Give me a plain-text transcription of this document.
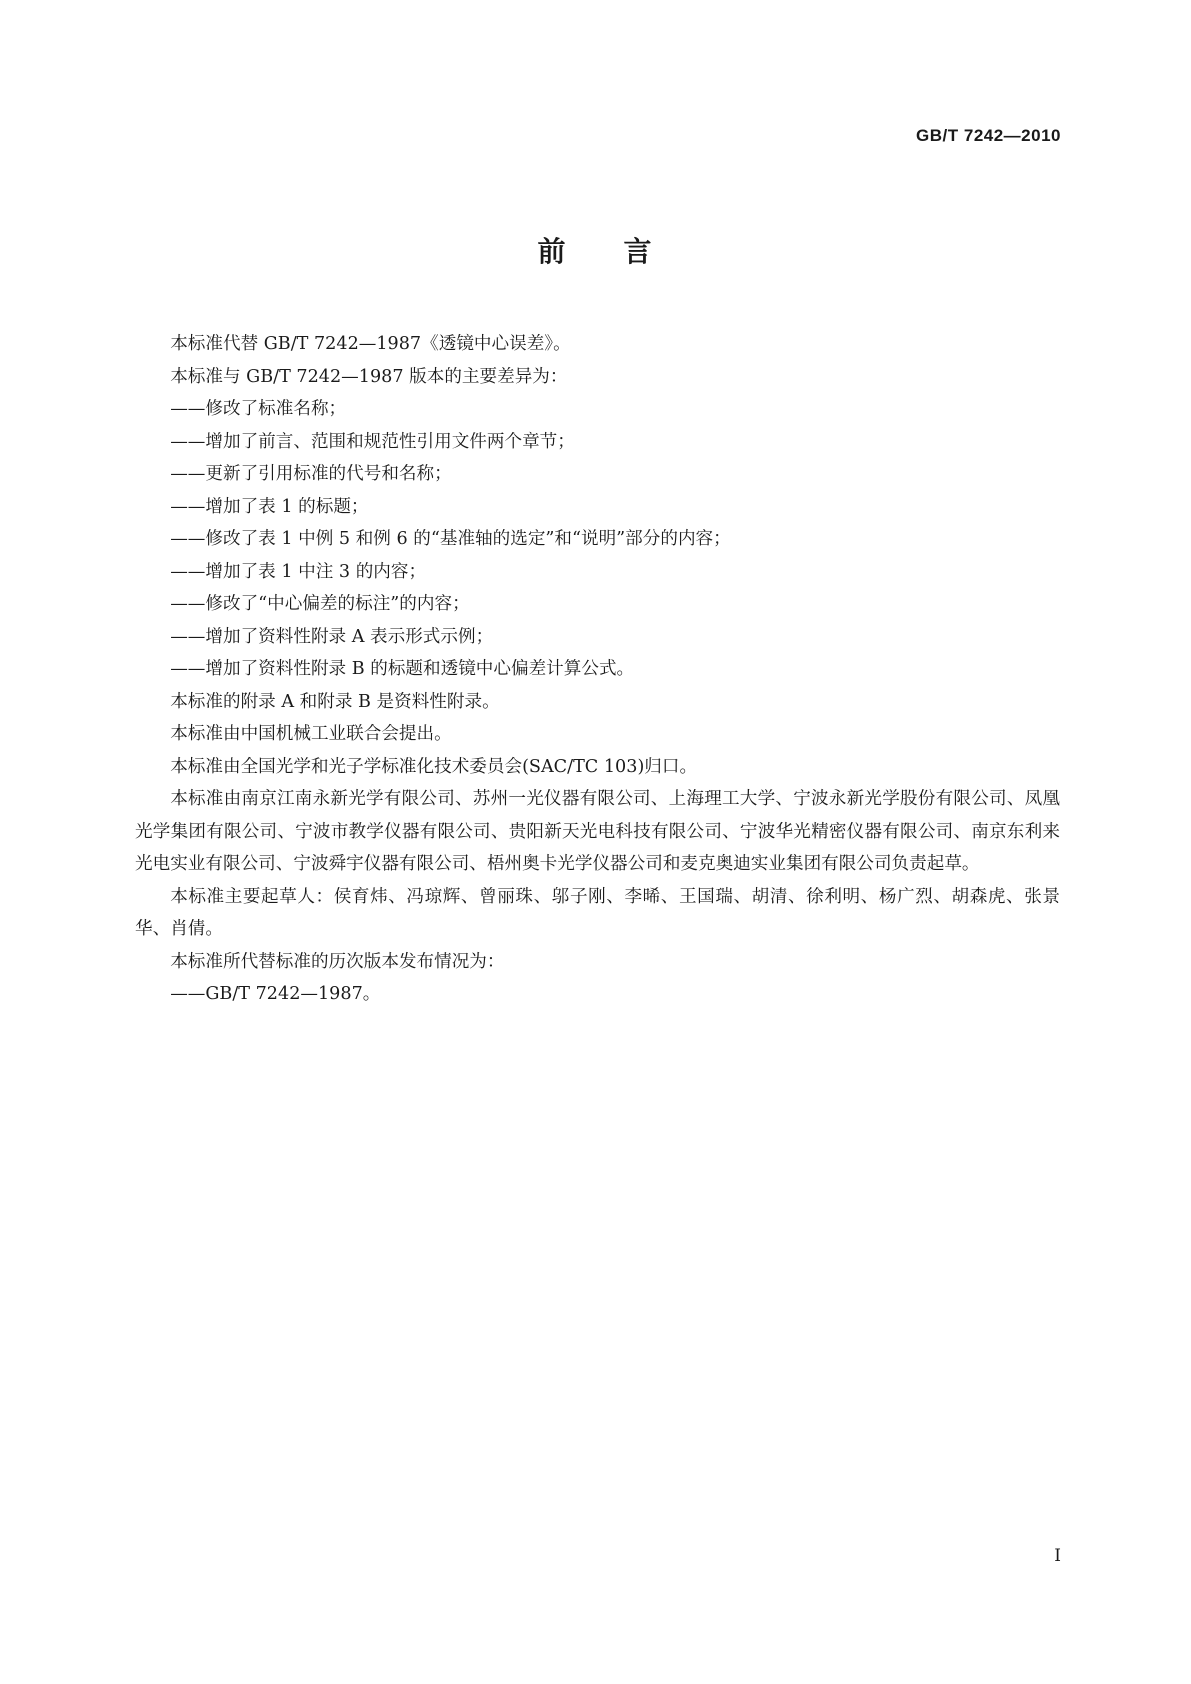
GB/T 7242—2010
前 言

本标准代替 GB/T 7242—1987《透镜中心误差》。

本标准与 GB/T 7242—1987 版本的主要差异为：

——修改了标准名称；

——增加了前言、范围和规范性引用文件两个章节；

——更新了引用标准的代号和名称；

——增加了表 1 的标题；

——修改了表 1 中例 5 和例 6 的“基准轴的选定”和“说明”部分的内容；

——增加了表 1 中注 3 的内容；

——修改了“中心偏差的标注”的内容；

——增加了资料性附录 A 表示形式示例；

——增加了资料性附录 B 的标题和透镜中心偏差计算公式。

本标准的附录 A 和附录 B 是资料性附录。

本标准由中国机械工业联合会提出。

本标准由全国光学和光子学标准化技术委员会(SAC/TC 103)归口。

本标准由南京江南永新光学有限公司、苏州一光仪器有限公司、上海理工大学、宁波永新光学股份有限公司、凤凰光学集团有限公司、宁波市教学仪器有限公司、贵阳新天光电科技有限公司、宁波华光精密仪器有限公司、南京东利来光电实业有限公司、宁波舜宇仪器有限公司、梧州奥卡光学仪器公司和麦克奥迪实业集团有限公司负责起草。

本标准主要起草人：侯育炜、冯琼辉、曾丽珠、邬子刚、李晞、王国瑞、胡清、徐利明、杨广烈、胡森虎、张景华、肖倩。

本标准所代替标准的历次版本发布情况为：

——GB/T 7242—1987。

I
